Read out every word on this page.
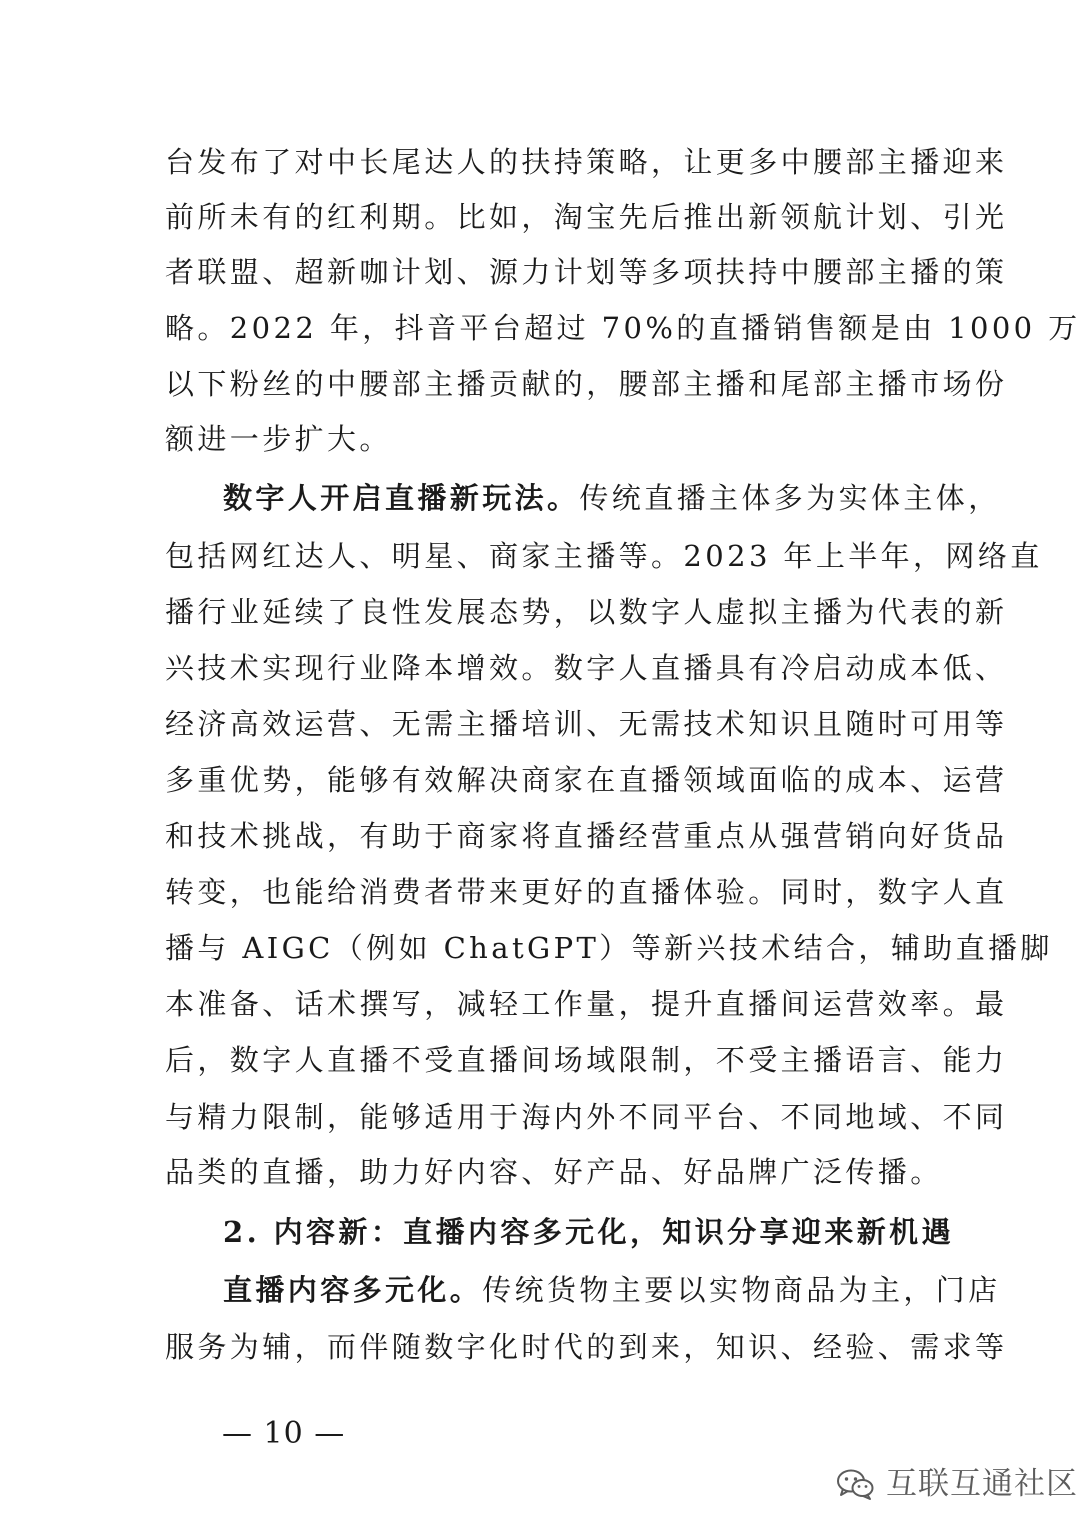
台发布了对中长尾达人的扶持策略，让更多中腰部主播迎来
前所未有的红利期。比如，淘宝先后推出新领航计划、引光
者联盟、超新咖计划、源力计划等多项扶持中腰部主播的策
略。2022 年，抖音平台超过 70%的直播销售额是由 1000 万
以下粉丝的中腰部主播贡献的，腰部主播和尾部主播市场份
额进一步扩大。
数字人开启直播新玩法。传统直播主体多为实体主体，
包括网红达人、明星、商家主播等。2023 年上半年，网络直
播行业延续了良性发展态势，以数字人虚拟主播为代表的新
兴技术实现行业降本增效。数字人直播具有冷启动成本低、
经济高效运营、无需主播培训、无需技术知识且随时可用等
多重优势，能够有效解决商家在直播领域面临的成本、运营
和技术挑战，有助于商家将直播经营重点从强营销向好货品
转变，也能给消费者带来更好的直播体验。同时，数字人直
播与 AIGC（例如 ChatGPT）等新兴技术结合，辅助直播脚
本准备、话术撰写，减轻工作量，提升直播间运营效率。最
后，数字人直播不受直播间场域限制，不受主播语言、能力
与精力限制，能够适用于海内外不同平台、不同地域、不同
品类的直播，助力好内容、好产品、好品牌广泛传播。
2. 内容新：直播内容多元化，知识分享迎来新机遇
直播内容多元化。传统货物主要以实物商品为主，门店
服务为辅，而伴随数字化时代的到来，知识、经验、需求等
— 10 —
互联互通社区
